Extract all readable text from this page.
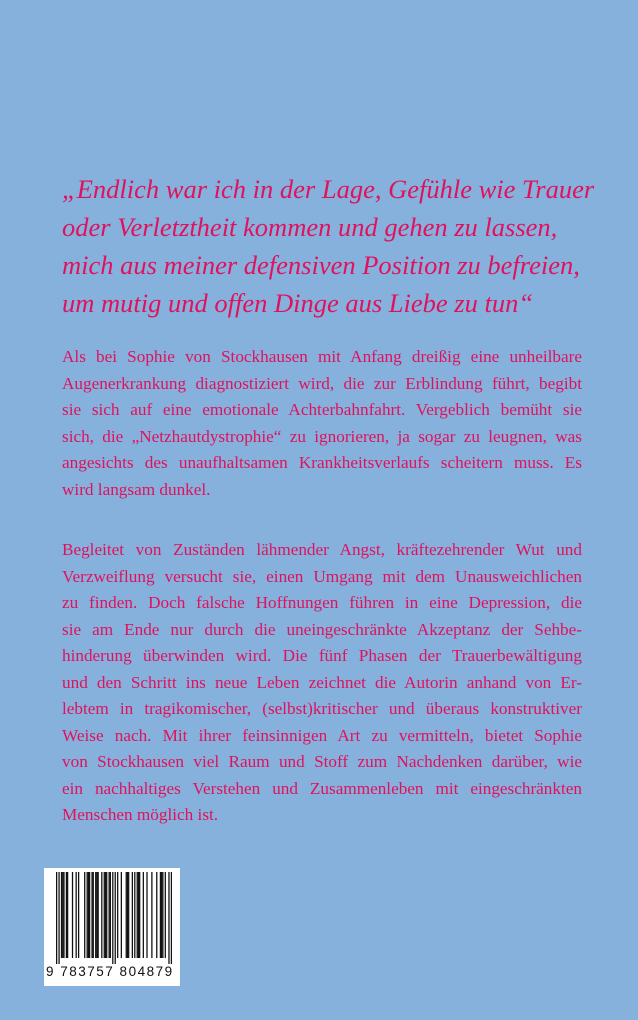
„Endlich war ich in der Lage, Gefühle wie Trauer
oder Verletztheit kommen und gehen zu lassen,
mich aus meiner defensiven Position zu befreien,
um mutig und offen Dinge aus Liebe zu tun“

Als bei Sophie von Stockhausen mit Anfang dreißig eine unheilbare
Augenerkrankung diagnostiziert wird, die zur Erblindung führt, begibt
sie sich auf eine emotionale Achterbahnfahrt. Vergeblich bemüht sie
sich, die „Netzhautdystrophie“ zu ignorieren, ja sogar zu leugnen, was
angesichts des unaufhaltsamen Krankheitsverlaufs scheitern muss. Es
wird langsam dunkel.

Begleitet von Zuständen lähmender Angst, kräftezehrender Wut und
Verzweiflung versucht sie, einen Umgang mit dem Unausweichlichen
zu finden. Doch falsche Hoffnungen führen in eine Depression, die
sie am Ende nur durch die uneingeschränkte Akzeptanz der Sehbe-
hinderung überwinden wird. Die fünf Phasen der Trauerbewältigung
und den Schritt ins neue Leben zeichnet die Autorin anhand von Er-
lebtem in tragikomischer, (selbst)kritischer und überaus konstruktiver
Weise nach. Mit ihrer feinsinnigen Art zu vermitteln, bietet Sophie
von Stockhausen viel Raum und Stoff zum Nachdenken darüber, wie
ein nachhaltiges Verstehen und Zusammenleben mit eingeschränkten
Menschen möglich ist.

9 783757 804879
